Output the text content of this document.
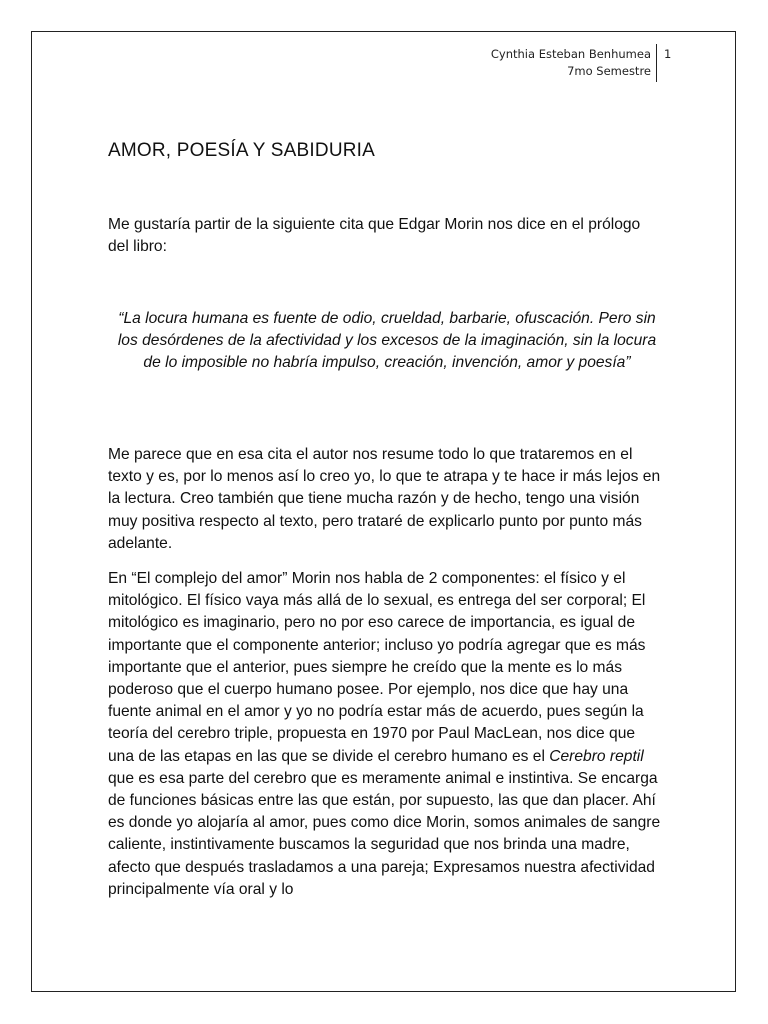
Cynthia Esteban Benhumea
7mo Semestre
1
AMOR, POESÍA Y SABIDURIA

Me gustaría partir de la siguiente cita que Edgar Morin nos dice en el prólogo del libro:

“La locura humana es fuente de odio, crueldad, barbarie, ofuscación. Pero sin los desórdenes de la afectividad y los excesos de la imaginación, sin la locura de lo imposible no habría impulso, creación, invención, amor y poesía”

Me parece que en esa cita el autor nos resume todo lo que trataremos en el texto y es, por lo menos así lo creo yo, lo que te atrapa y te hace ir más lejos en la lectura. Creo también que tiene mucha razón y de hecho, tengo una visión muy positiva respecto al texto, pero trataré de explicarlo punto por punto más adelante.

En “El complejo del amor” Morin nos habla de 2 componentes: el físico y el mitológico. El físico vaya más allá de lo sexual, es entrega del ser corporal; El mitológico es imaginario, pero no por eso carece de importancia, es igual de importante que el componente anterior; incluso yo podría agregar que es más importante que el anterior, pues siempre he creído que la mente es lo más poderoso que el cuerpo humano posee. Por ejemplo, nos dice que hay una fuente animal en el amor y yo no podría estar más de acuerdo, pues según la teoría del cerebro triple, propuesta en 1970 por Paul MacLean, nos dice que una de las etapas en las que se divide el cerebro humano es el Cerebro reptil que es esa parte del cerebro que es meramente animal e instintiva. Se encarga de funciones básicas entre las que están, por supuesto, las que dan placer. Ahí es donde yo alojaría al amor, pues como dice Morin, somos animales de sangre caliente, instintivamente buscamos la seguridad que nos brinda una madre, afecto que después trasladamos a una pareja; Expresamos nuestra afectividad principalmente vía oral y lo
